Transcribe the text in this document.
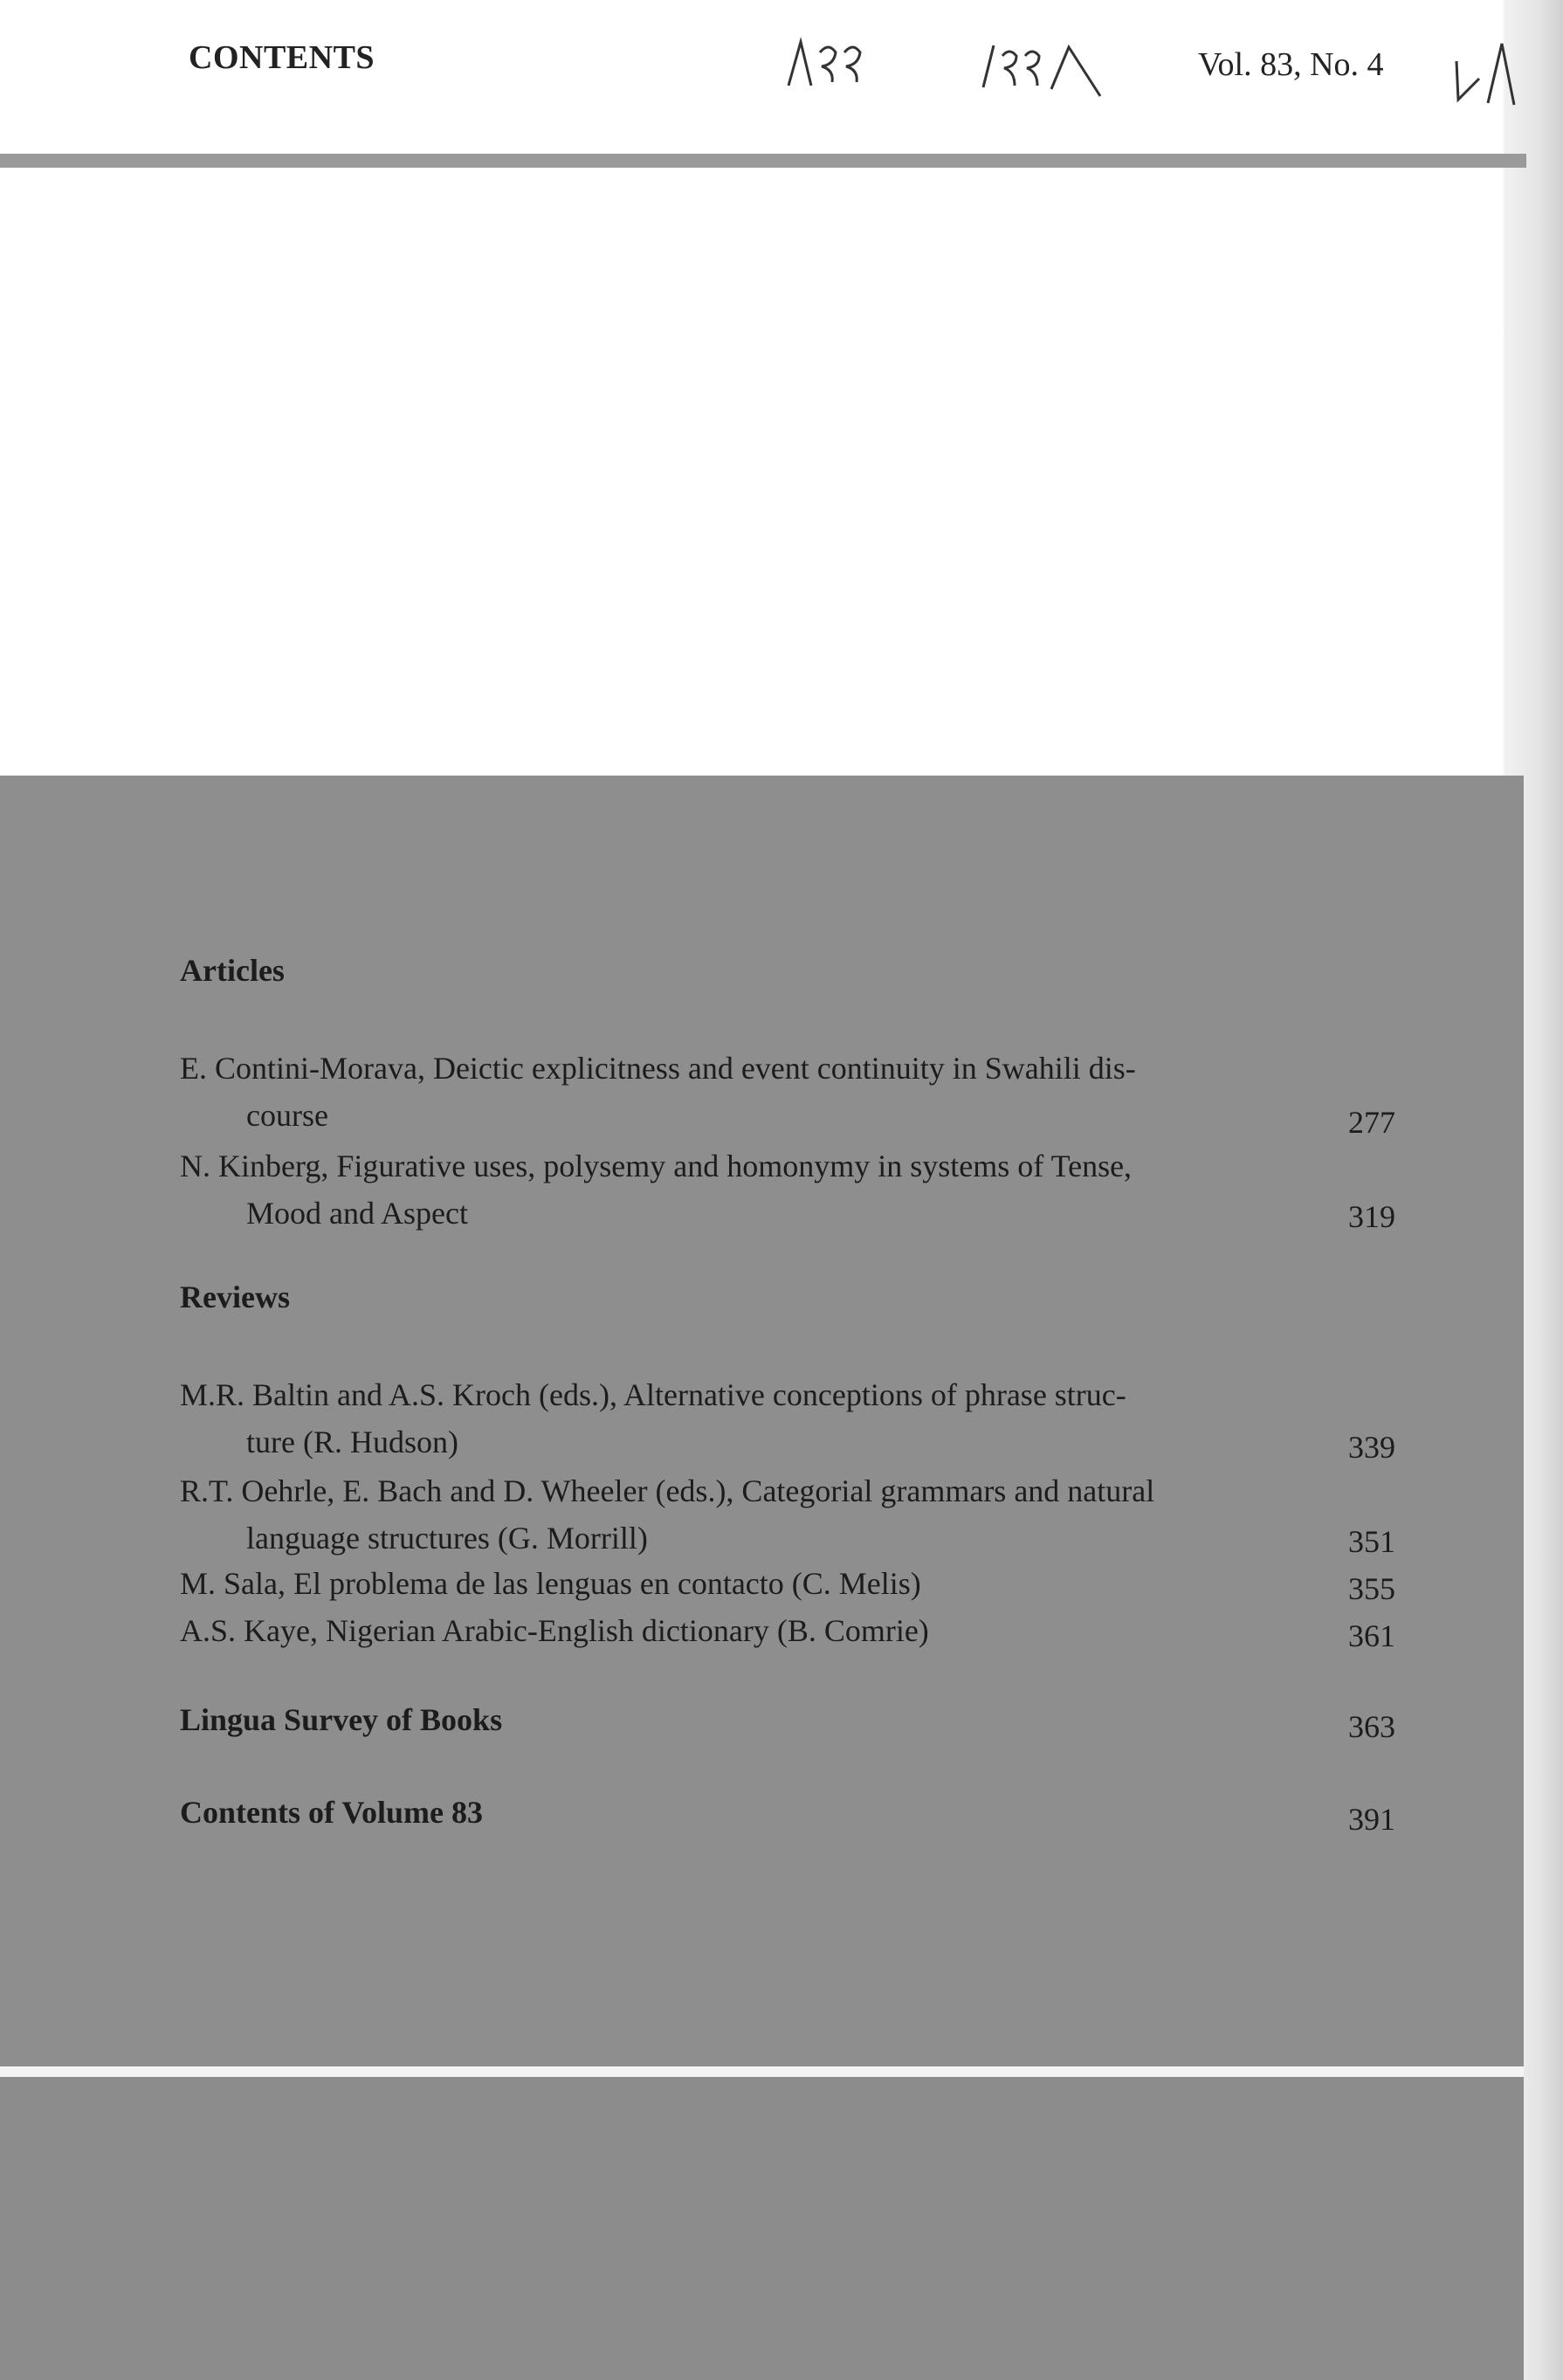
CONTENTS	Vol. 83, No. 4
Articles
E. Contini-Morava, Deictic explicitness and event continuity in Swahili dis-
course	277
N. Kinberg, Figurative uses, polysemy and homonymy in systems of Tense,
Mood and Aspect	319
Reviews
M.R. Baltin and A.S. Kroch (eds.), Alternative conceptions of phrase struc-
ture (R. Hudson)	339
R.T. Oehrle, E. Bach and D. Wheeler (eds.), Categorial grammars and natural
language structures (G. Morrill)	351
M. Sala, El problema de las lenguas en contacto (C. Melis)	355
A.S. Kaye, Nigerian Arabic-English dictionary (B. Comrie)	361
Lingua Survey of Books	363
Contents of Volume 83	391
